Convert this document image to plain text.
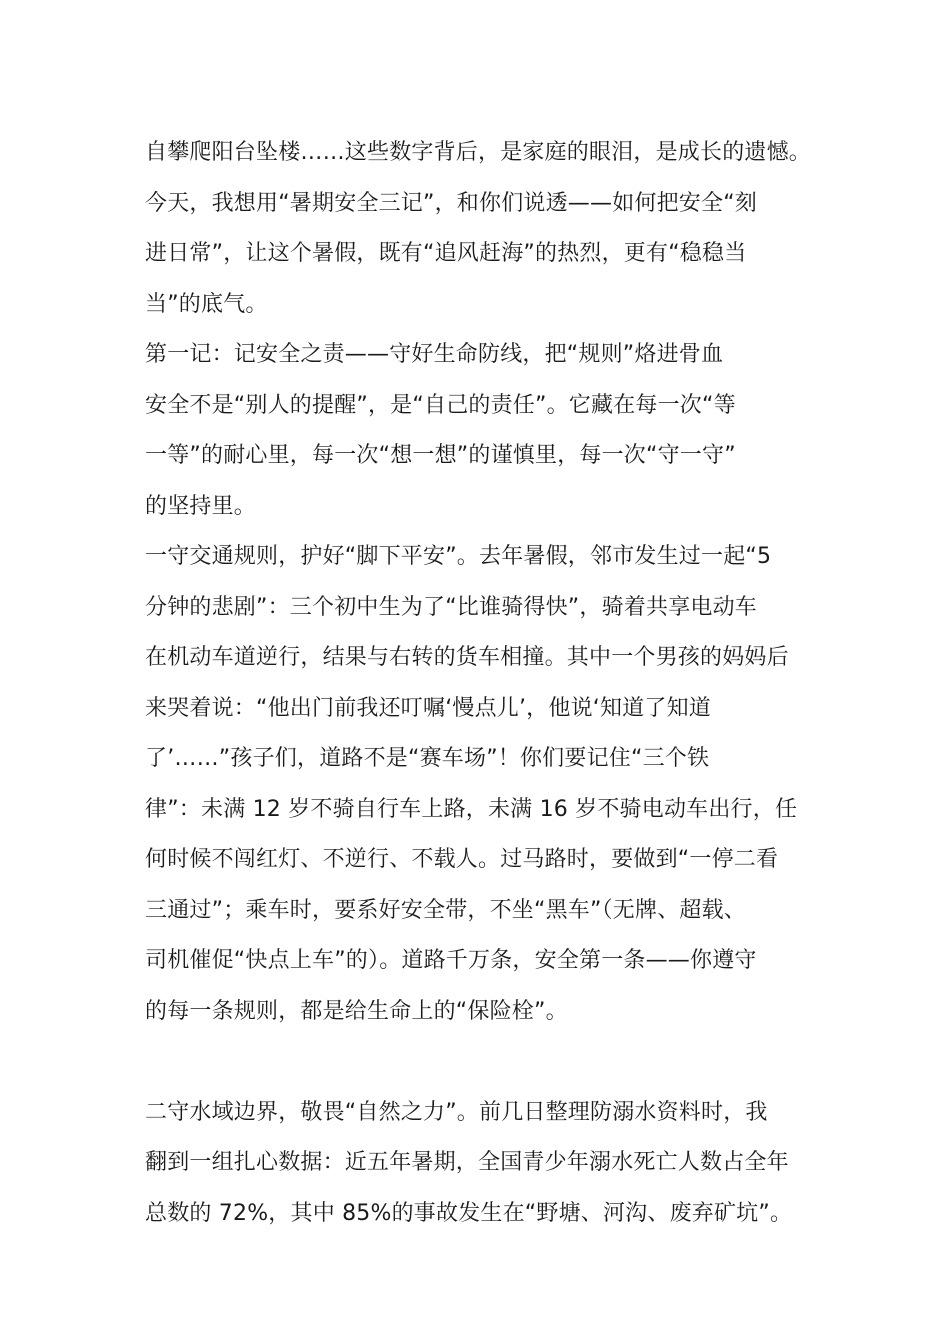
自攀爬阳台坠楼……这些数字背后，是家庭的眼泪，是成长的遗憾。
今天，我想用“暑期安全三记”，和你们说透——如何把安全“刻
进日常”，让这个暑假，既有“追风赶海”的热烈，更有“稳稳当
当”的底气。
第一记：记安全之责——守好生命防线，把“规则”烙进骨血
安全不是“别人的提醒”，是“自己的责任”。它藏在每一次“等
一等”的耐心里，每一次“想一想”的谨慎里，每一次“守一守”
的坚持里。
一守交通规则，护好“脚下平安”。去年暑假，邻市发生过一起“5
分钟的悲剧”：三个初中生为了“比谁骑得快”，骑着共享电动车
在机动车道逆行，结果与右转的货车相撞。其中一个男孩的妈妈后
来哭着说：“他出门前我还叮嘱‘慢点儿’，他说‘知道了知道
了’……”孩子们，道路不是“赛车场”！你们要记住“三个铁
律”：未满 12 岁不骑自行车上路，未满 16 岁不骑电动车出行，任
何时候不闯红灯、不逆行、不载人。过马路时，要做到“一停二看
三通过”；乘车时，要系好安全带，不坐“黑车”（无牌、超载、
司机催促“快点上车”的）。道路千万条，安全第一条——你遵守
的每一条规则，都是给生命上的“保险栓”。
二守水域边界，敬畏“自然之力”。前几日整理防溺水资料时，我
翻到一组扎心数据：近五年暑期，全国青少年溺水死亡人数占全年
总数的 72%，其中 85%的事故发生在“野塘、河沟、废弃矿坑”。
